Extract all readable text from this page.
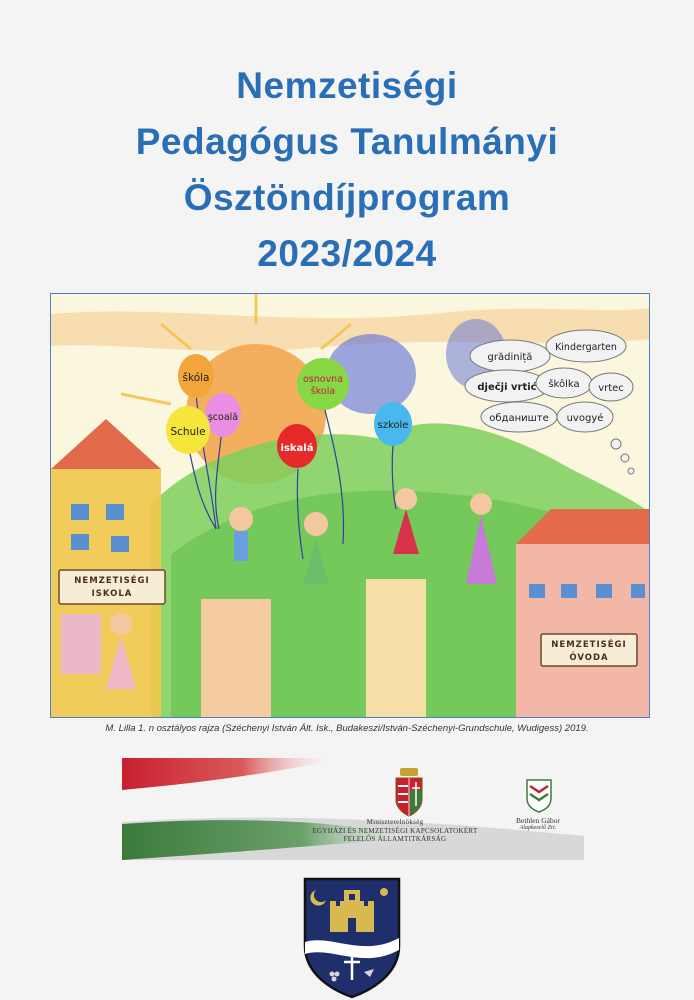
Nemzetiségi
Pedagógus Tanulmányi
Ösztöndíjprogram
2023/2024
NEMZETISÉGI
ISKOLA
NEMZETISÉGI
ÓVODA
škóla
școală
Schule
osnovna
škola
iskalá
szkole
grădiniță
Kindergarten
dječji vrtić škôlka vrtec
обданиште uvogyé
M. Lilla 1. n osztályos rajza (Széchenyi István Ált. Isk., Budakeszi/István-Széchenyi-Grundschule, Wudigess) 2019.
Miniszterelnökség
EGYHÁZI ÉS NEMZETISÉGI KAPCSOLATOKÉRT
FELELŐS ÁLLAMTITKÁRSÁG
Bethlen Gábor
Alapkezelő Zrt.
